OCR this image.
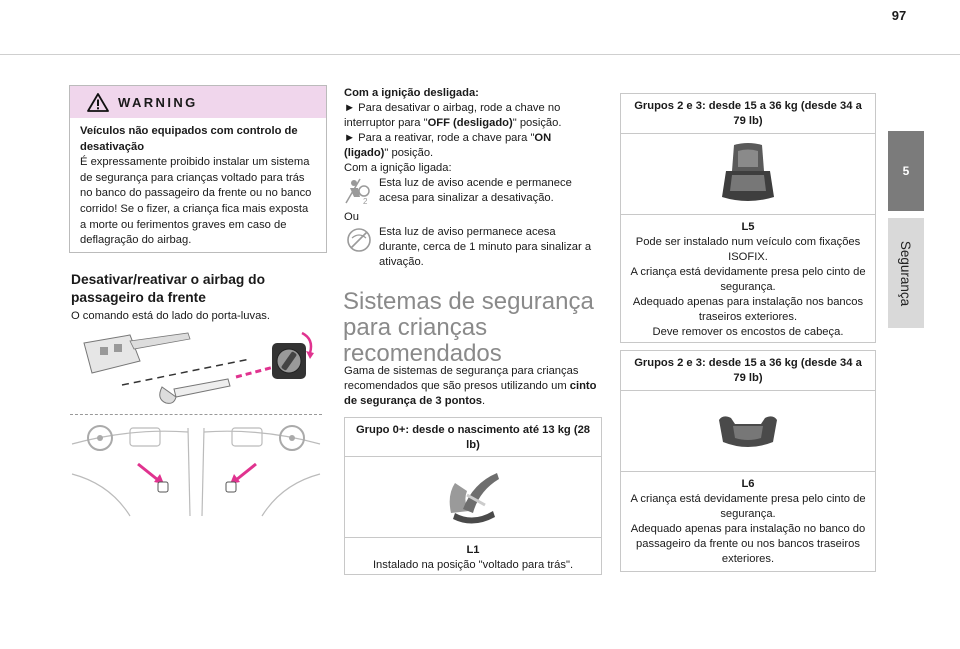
97
5
Segurança
WARNING

Veículos não equipados com controlo de desativação

É expressamente proibido instalar um sistema de segurança para crianças voltado para trás no banco do passageiro da frente ou no banco corrido! Se o fizer, a criança fica mais exposta a morte ou ferimentos graves em caso de deflagração do airbag.

Desativar/reativar o airbag do passageiro da frente

O comando está do lado do porta-luvas.

Com a ignição desligada:

► Para desativar o airbag, rode a chave no interruptor para "OFF (desligado)" posição.

► Para a reativar, rode a chave para "ON (ligado)" posição.

Com a ignição ligada:

2

Esta luz de aviso acende e permanece acesa para sinalizar a desativação.

Ou

Esta luz de aviso permanece acesa durante, cerca de 1 minuto para sinalizar a ativação.

Sistemas de segurança para crianças recomendados

Gama de sistemas de segurança para crianças recomendados que são presos utilizando um cinto de segurança de 3 pontos.

Grupo 0+: desde o nascimento até 13 kg (28 lb)

L1

Instalado na posição "voltado para trás".

Grupos 2 e 3: desde 15 a 36 kg (desde 34 a 79 lb)

L5

Pode ser instalado num veículo com fixações ISOFIX.

A criança está devidamente presa pelo cinto de segurança.

Adequado apenas para instalação nos bancos traseiros exteriores.

Deve remover os encostos de cabeça.

Grupos 2 e 3: desde 15 a 36 kg (desde 34 a 79 lb)

L6

A criança está devidamente presa pelo cinto de segurança.

Adequado apenas para instalação no banco do passageiro da frente ou nos bancos traseiros exteriores.
